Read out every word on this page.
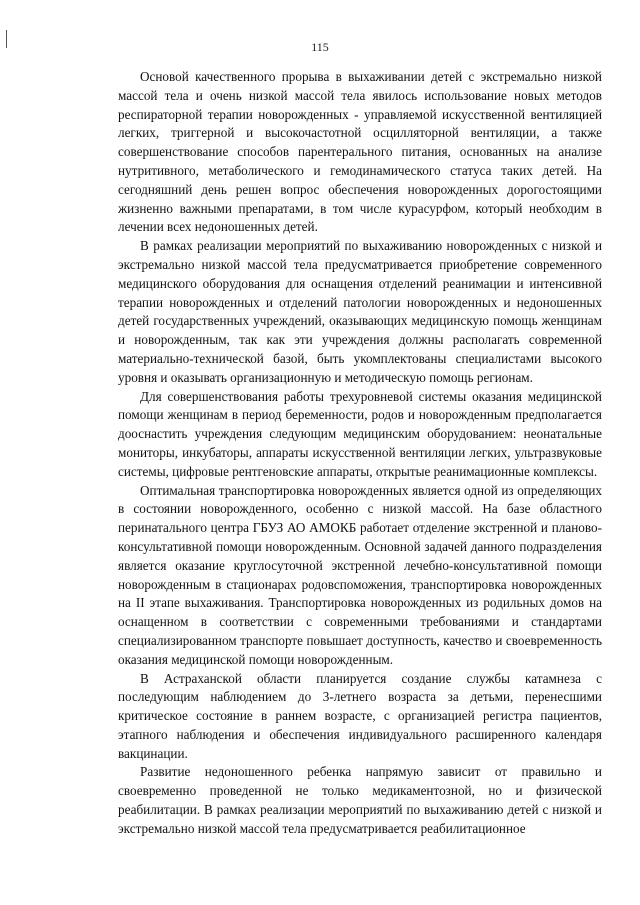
115

Основой качественного прорыва в выхаживании детей с экстремально низкой массой тела и очень низкой массой тела явилось использование новых методов респираторной терапии новорожденных - управляемой искусственной вентиляцией легких, триггерной и высокочастотной осцилляторной вентиляции, а также совершенствование способов парентерального питания, основанных на анализе нутритивного, метаболического и гемодинамического статуса таких детей. На сегодняшний день решен вопрос обеспечения новорожденных дорогостоящими жизненно важными препаратами, в том числе курасурфом, который необходим в лечении всех недоношенных детей.

В рамках реализации мероприятий по выхаживанию новорожденных с низкой и экстремально низкой массой тела предусматривается приобретение современного медицинского оборудования для оснащения отделений реанимации и интенсивной терапии новорожденных и отделений патологии новорожденных и недоношенных детей государственных учреждений, оказывающих медицинскую помощь женщинам и новорожденным, так как эти учреждения должны располагать современной материально-технической базой, быть укомплектованы специалистами высокого уровня и оказывать организационную и методическую помощь регионам.

Для совершенствования работы трехуровневой системы оказания медицинской помощи женщинам в период беременности, родов и новорожденным предполагается дооснастить учреждения следующим медицинским оборудованием: неонатальные мониторы, инкубаторы, аппараты искусственной вентиляции легких, ультразвуковые системы, цифровые рентгеновские аппараты, открытые реанимационные комплексы.

Оптимальная транспортировка новорожденных является одной из определяющих в состоянии новорожденного, особенно с низкой массой. На базе областного перинатального центра ГБУЗ АО АМОКБ работает отделение экстренной и планово-консультативной помощи новорожденным. Основной задачей данного подразделения является оказание круглосуточной экстренной лечебно-консультативной помощи новорожденным в стационарах родовспоможения, транспортировка новорожденных на II этапе выхаживания. Транспортировка новорожденных из родильных домов на оснащенном в соответствии с современными требованиями и стандартами специализированном транспорте повышает доступность, качество и своевременность оказания медицинской помощи новорожденным.

В Астраханской области планируется создание службы катамнеза с последующим наблюдением до 3-летнего возраста за детьми, перенесшими критическое состояние в раннем возрасте, с организацией регистра пациентов, этапного наблюдения и обеспечения индивидуального расширенного календаря вакцинации.

Развитие недоношенного ребенка напрямую зависит от правильно и своевременно проведенной не только медикаментозной, но и физической реабилитации. В рамках реализации мероприятий по выхаживанию детей с низкой и экстремально низкой массой тела предусматривается реабилитационное
